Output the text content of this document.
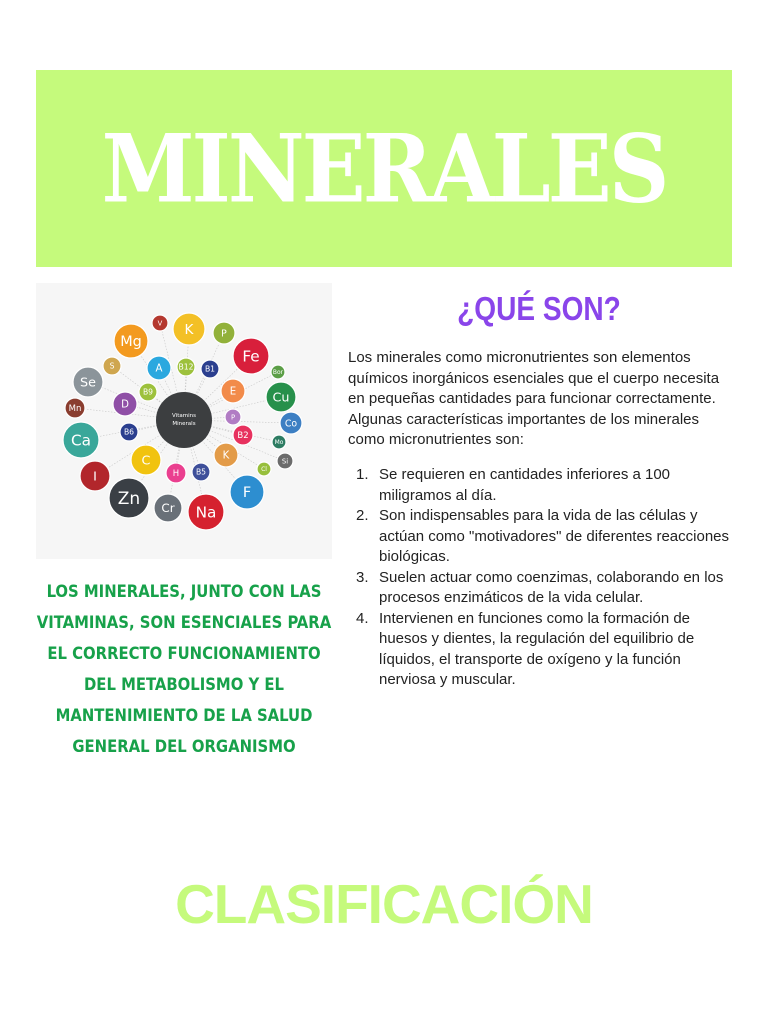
MINERALES
Vitamins
Minerals
K
V
P
Mg
Fe
S	A B12 B1	Bor
Se
B9	E	Cu
Mn	D
P
Co
B6	B2
Mo
Ca
K	Si
C
Cl
H B5
I
Zn Cr
F
Na
LOS MINERALES, JUNTO CON LAS VITAMINAS, SON ESENCIALES PARA EL CORRECTO FUNCIONAMIENTO DEL METABOLISMO Y EL MANTENIMIENTO DE LA SALUD GENERAL DEL ORGANISMO
¿QUÉ SON?
Los minerales como micronutrientes son elementos químicos inorgánicos esenciales que el cuerpo necesita en pequeñas cantidades para funcionar correctamente. Algunas características importantes de los minerales como micronutrientes son:
1. Se requieren en cantidades inferiores a 100 miligramos al día.
2. Son indispensables para la vida de las células y actúan como "motivadores" de diferentes reacciones biológicas.
3. Suelen actuar como coenzimas, colaborando en los procesos enzimáticos de la vida celular.
4. Intervienen en funciones como la formación de huesos y dientes, la regulación del equilibrio de líquidos, el transporte de oxígeno y la función nerviosa y muscular.
CLASIFICACIÓN
